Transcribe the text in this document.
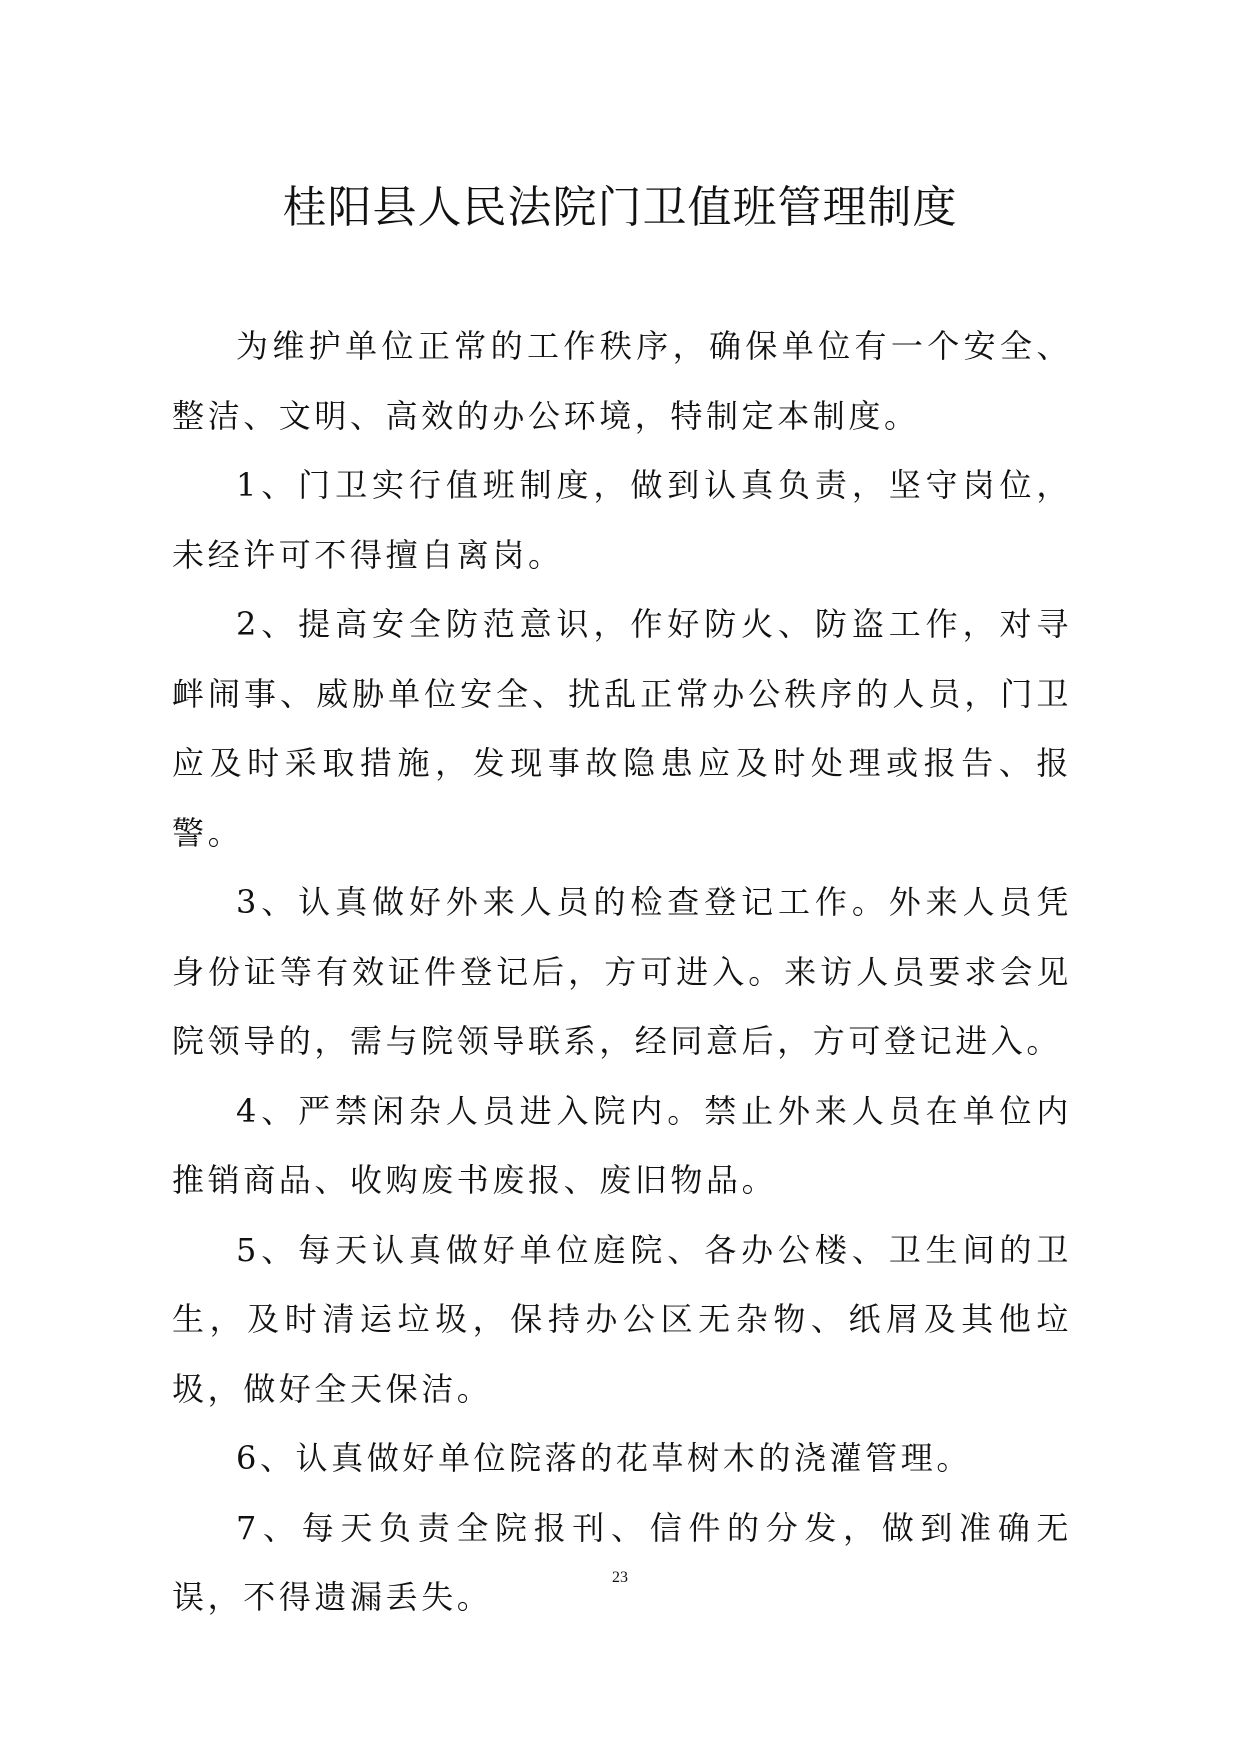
桂阳县人民法院门卫值班管理制度

为维护单位正常的工作秩序，确保单位有一个安全、整洁、文明、高效的办公环境，特制定本制度。

1、门卫实行值班制度，做到认真负责，坚守岗位，未经许可不得擅自离岗。

2、提高安全防范意识，作好防火、防盗工作，对寻衅闹事、威胁单位安全、扰乱正常办公秩序的人员，门卫应及时采取措施，发现事故隐患应及时处理或报告、报警。

3、认真做好外来人员的检查登记工作。外来人员凭身份证等有效证件登记后，方可进入。来访人员要求会见院领导的，需与院领导联系，经同意后，方可登记进入。

4、严禁闲杂人员进入院内。禁止外来人员在单位内推销商品、收购废书废报、废旧物品。

5、每天认真做好单位庭院、各办公楼、卫生间的卫生，及时清运垃圾，保持办公区无杂物、纸屑及其他垃圾，做好全天保洁。

6、认真做好单位院落的花草树木的浇灌管理。

7、每天负责全院报刊、信件的分发，做到准确无误，不得遗漏丢失。

23
